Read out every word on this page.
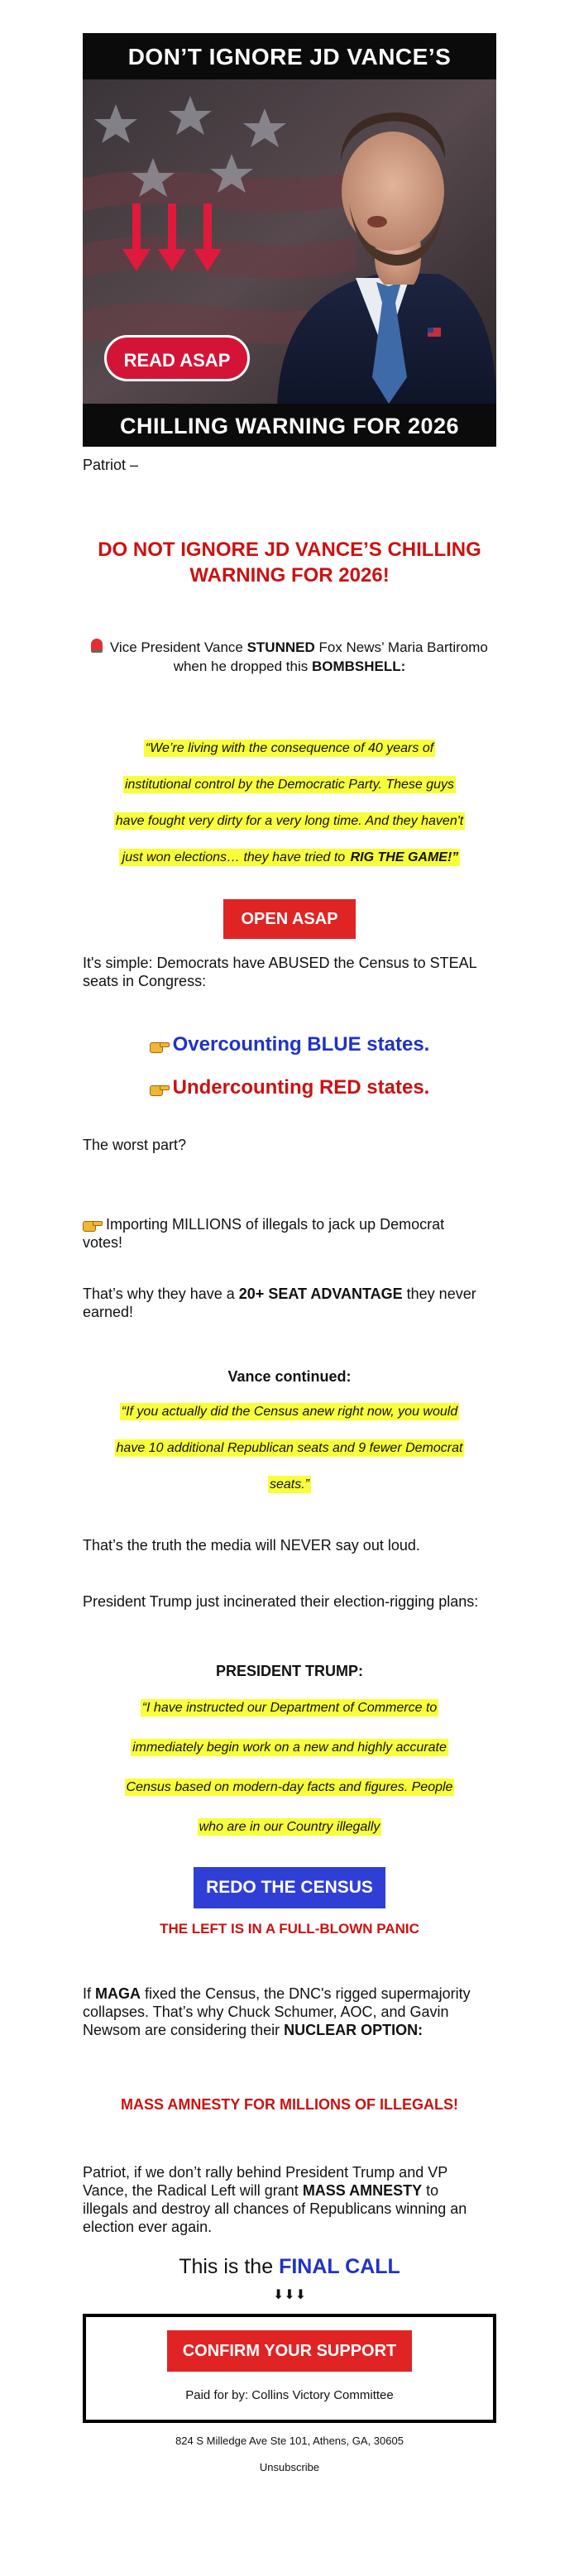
DON’T IGNORE JD VANCE’S
READ ASAP
CHILLING WARNING FOR 2026

Patriot –

DO NOT IGNORE JD VANCE’S CHILLING WARNING FOR 2026!

Vice President Vance STUNNED Fox News’ Maria Bartiromo when he dropped this BOMBSHELL:

“We’re living with the consequence of 40 years of

institutional control by the Democratic Party. These guys

have fought very dirty for a very long time. And they haven't

just won elections… they have tried to RIG THE GAME!”

OPEN ASAP

It's simple: Democrats have ABUSED the Census to STEAL
seats in Congress:

Overcounting BLUE states.

Undercounting RED states.

The worst part?

Importing MILLIONS of illegals to jack up Democrat
votes!

That’s why they have a 20+ SEAT ADVANTAGE they never
earned!

Vance continued:

“If you actually did the Census anew right now, you would

have 10 additional Republican seats and 9 fewer Democrat

seats.”

That’s the truth the media will NEVER say out loud.

President Trump just incinerated their election-rigging plans:

PRESIDENT TRUMP:

“I have instructed our Department of Commerce to

immediately begin work on a new and highly accurate

Census based on modern-day facts and figures. People

who are in our Country illegally

REDO THE CENSUS

THE LEFT IS IN A FULL-BLOWN PANIC

If MAGA fixed the Census, the DNC's rigged supermajority
collapses. That’s why Chuck Schumer, AOC, and Gavin
Newsom are considering their NUCLEAR OPTION:

MASS AMNESTY FOR MILLIONS OF ILLEGALS!

Patriot, if we don’t rally behind President Trump and VP
Vance, the Radical Left will grant MASS AMNESTY to
illegals and destroy all chances of Republicans winning an
election ever again.

This is the FINAL CALL

⬇⬇⬇

CONFIRM YOUR SUPPORT

Paid for by: Collins Victory Committee

824 S Milledge Ave Ste 101, Athens, GA, 30605

Unsubscribe
